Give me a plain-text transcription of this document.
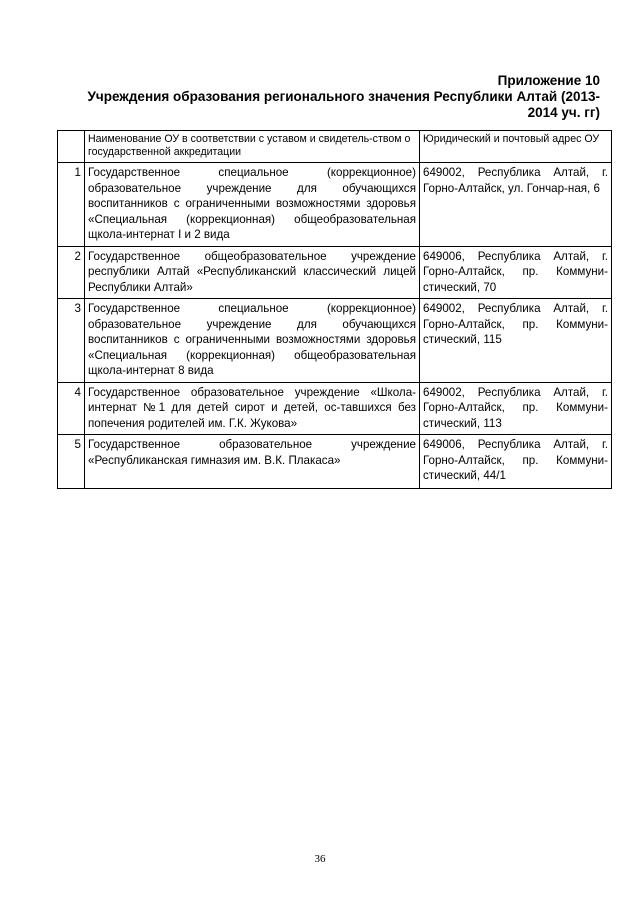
Приложение 10
Учреждения образования регионального значения Республики Алтай (2013-2014 уч. гг)
	Наименование ОУ в соответствии с уставом и свидетель-ством о государственной аккредитации	Юридический и почтовый адрес ОУ
1	Государственное специальное (коррекционное) образовательное учреждение для обучающихся воспитанников с ограниченными возможностями здоровья «Специальная (коррекционная) общеобразовательная щкола-интернат I и 2 вида	649002, Республика Алтай, г. Горно-Алтайск, ул. Гончар-ная, 6
2	Государственное общеобразовательное учреждение республики Алтай «Республиканский классический лицей Республики Алтай»	649006, Республика Алтай, г. Горно-Алтайск, пр. Коммуни-стический, 70
3	Государственное специальное (коррекционное) образовательное учреждение для обучающихся воспитанников с ограниченными возможностями здоровья «Специальная (коррекционная) общеобразовательная щкола-интернат 8 вида	649002, Республика Алтай, г. Горно-Алтайск, пр. Коммуни-стический, 115
4	Государственное образовательное учреждение «Школа-интернат №1 для детей сирот и детей, ос-тавшихся без попечения родителей им. Г.К. Жукова»	649002, Республика Алтай, г. Горно-Алтайск, пр. Коммуни-стический, 113
5	Государственное образовательное учреждение «Республиканская гимназия им. В.К. Плакаса»	649006, Республика Алтай, г. Горно-Алтайск, пр. Коммуни-стический, 44/1
36
